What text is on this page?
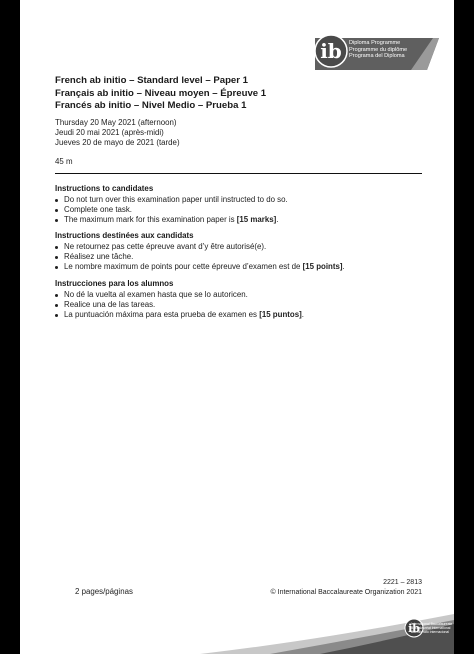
ib Diploma Programme
Programme du diplôme
Programa del Diploma
French ab initio – Standard level – Paper 1
Français ab initio – Niveau moyen – Épreuve 1
Francés ab initio – Nivel Medio – Prueba 1
Thursday 20 May 2021 (afternoon)
Jeudi 20 mai 2021 (après-midi)
Jueves 20 de mayo de 2021 (tarde)
45 m
Instructions to candidates
Do not turn over this examination paper until instructed to do so.
Complete one task.
The maximum mark for this examination paper is [15 marks].
Instructions destinées aux candidats
Ne retournez pas cette épreuve avant d’y être autorisé(e).
Réalisez une tâche.
Le nombre maximum de points pour cette épreuve d’examen est de [15 points].
Instrucciones para los alumnos
No dé la vuelta al examen hasta que se lo autoricen.
Realice una de las tareas.
La puntuación máxima para esta prueba de examen es [15 puntos].
2 pages/páginas
2221 – 2813
© International Baccalaureate Organization 2021
ib
International Baccalaureate
Baccalauréat International
Bachillerato Internacional
